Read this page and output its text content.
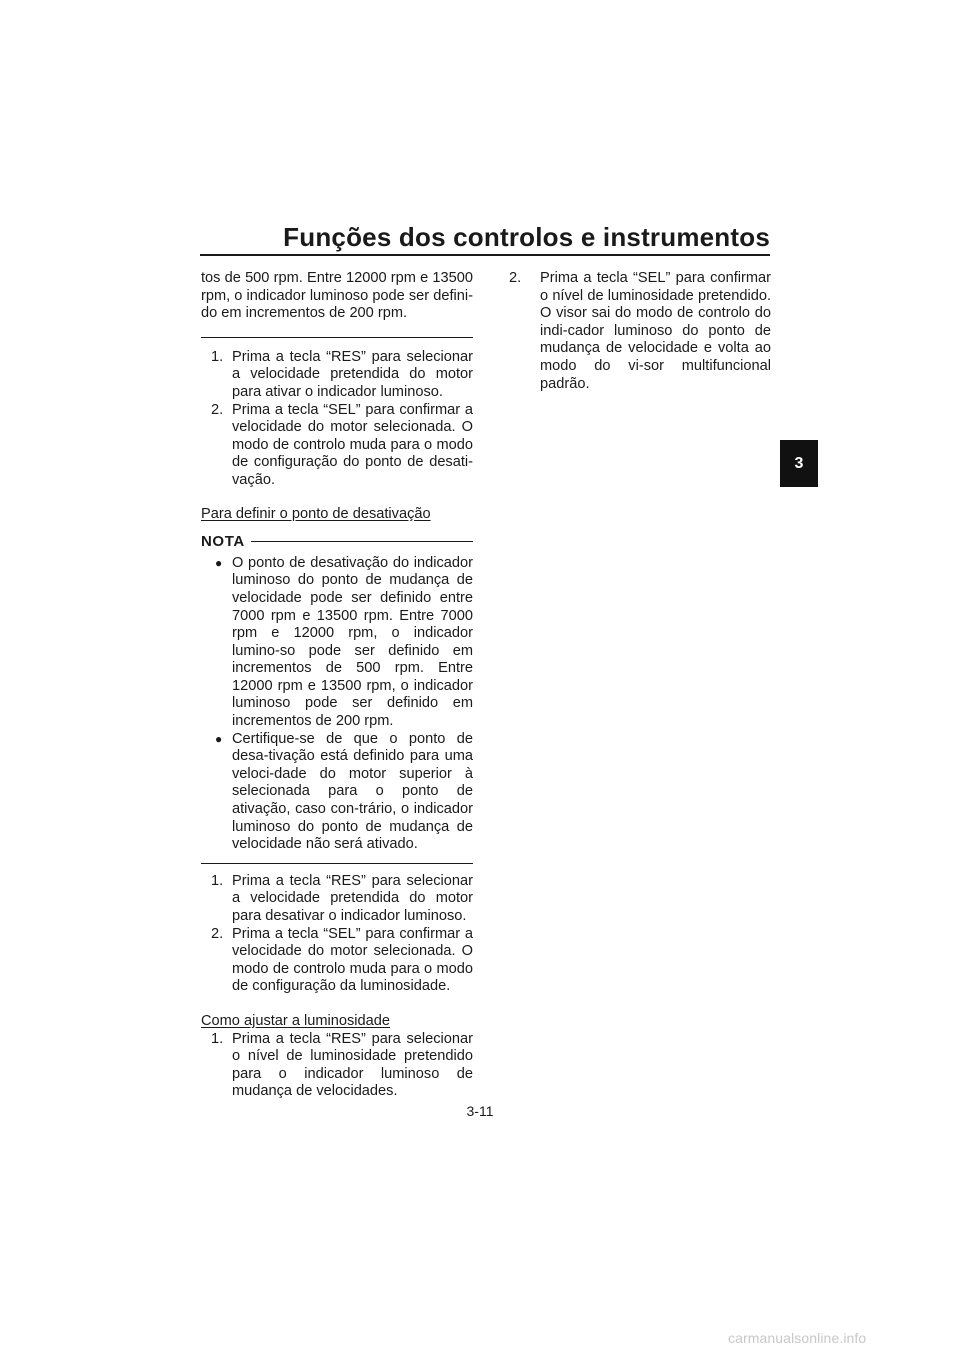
Funções dos controlos e instrumentos
3

tos de 500 rpm. Entre 12000 rpm e 13500 rpm, o indicador luminoso pode ser defini-do em incrementos de 200 rpm.

1. Prima a tecla “RES” para selecionar a velocidade pretendida do motor para ativar o indicador luminoso.
2. Prima a tecla “SEL” para confirmar a velocidade do motor selecionada. O modo de controlo muda para o modo de configuração do ponto de desati-vação.

Para definir o ponto de desativação

NOTA
● O ponto de desativação do indicador luminoso do ponto de mudança de velocidade pode ser definido entre 7000 rpm e 13500 rpm. Entre 7000 rpm e 12000 rpm, o indicador lumino-so pode ser definido em incrementos de 500 rpm. Entre 12000 rpm e 13500 rpm, o indicador luminoso pode ser definido em incrementos de 200 rpm.
● Certifique-se de que o ponto de desa-tivação está definido para uma veloci-dade do motor superior à selecionada para o ponto de ativação, caso con-trário, o indicador luminoso do ponto de mudança de velocidade não será ativado.
1. Prima a tecla “RES” para selecionar a velocidade pretendida do motor para desativar o indicador luminoso.
2. Prima a tecla “SEL” para confirmar a velocidade do motor selecionada. O modo de controlo muda para o modo de configuração da luminosidade.

Como ajustar a luminosidade

1. Prima a tecla “RES” para selecionar o nível de luminosidade pretendido para o indicador luminoso de mudança de velocidades.
2.	Prima a tecla “SEL” para confirmar o nível de luminosidade pretendido. O visor sai do modo de controlo do indi-cador luminoso do ponto de mudança de velocidade e volta ao modo do vi-sor multifuncional padrão.
3-11
carmanualsonline.info
